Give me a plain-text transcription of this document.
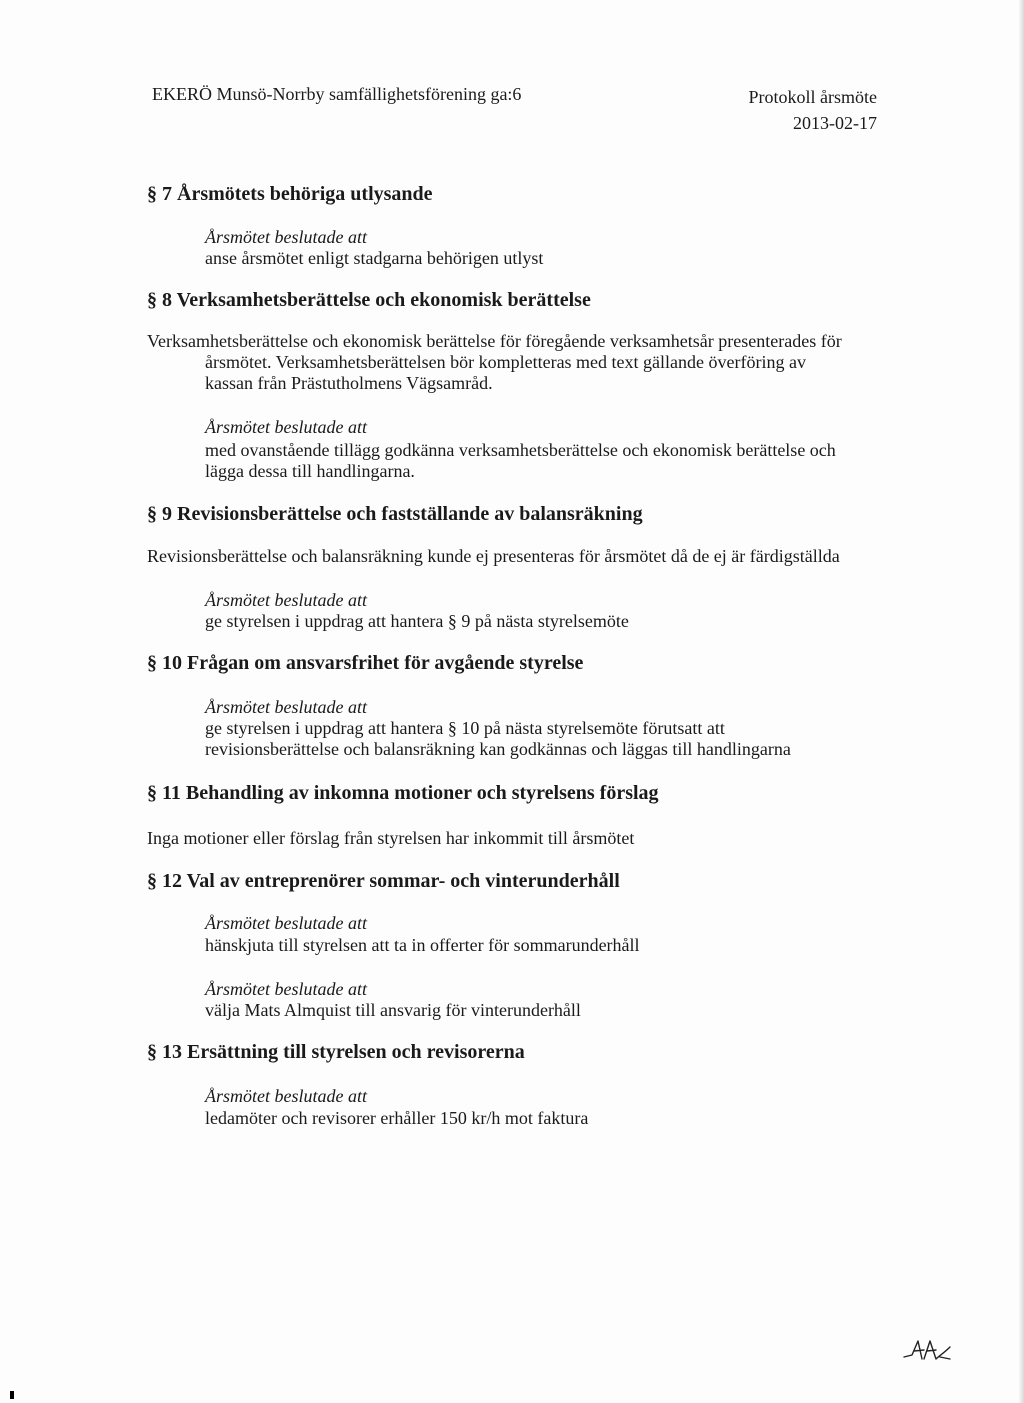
EKERÖ Munsö-Norrby samfällighetsförening ga:6	Protokoll årsmöte
2013-02-17
§ 7 Årsmötets behöriga utlysande
Årsmötet beslutade att
anse årsmötet enligt stadgarna behörigen utlyst
§ 8 Verksamhetsberättelse och ekonomisk berättelse
Verksamhetsberättelse och ekonomisk berättelse för föregående verksamhetsår presenterades för
årsmötet. Verksamhetsberättelsen bör kompletteras med text gällande överföring av
kassan från Prästutholmens Vägsamråd.
Årsmötet beslutade att
med ovanstående tillägg godkänna verksamhetsberättelse och ekonomisk berättelse och
lägga dessa till handlingarna.
§ 9 Revisionsberättelse och fastställande av balansräkning
Revisionsberättelse och balansräkning kunde ej presenteras för årsmötet då de ej är färdigställda
Årsmötet beslutade att
ge styrelsen i uppdrag att hantera § 9 på nästa styrelsemöte
§ 10 Frågan om ansvarsfrihet för avgående styrelse
Årsmötet beslutade att
ge styrelsen i uppdrag att hantera § 10 på nästa styrelsemöte förutsatt att
revisionsberättelse och balansräkning kan godkännas och läggas till handlingarna
§ 11 Behandling av inkomna motioner och styrelsens förslag
Inga motioner eller förslag från styrelsen har inkommit till årsmötet
§ 12 Val av entreprenörer sommar- och vinterunderhåll
Årsmötet beslutade att
hänskjuta till styrelsen att ta in offerter för sommarunderhåll
Årsmötet beslutade att
välja Mats Almquist till ansvarig för vinterunderhåll
§ 13 Ersättning till styrelsen och revisorerna
Årsmötet beslutade att
ledamöter och revisorer erhåller 150 kr/h mot faktura
